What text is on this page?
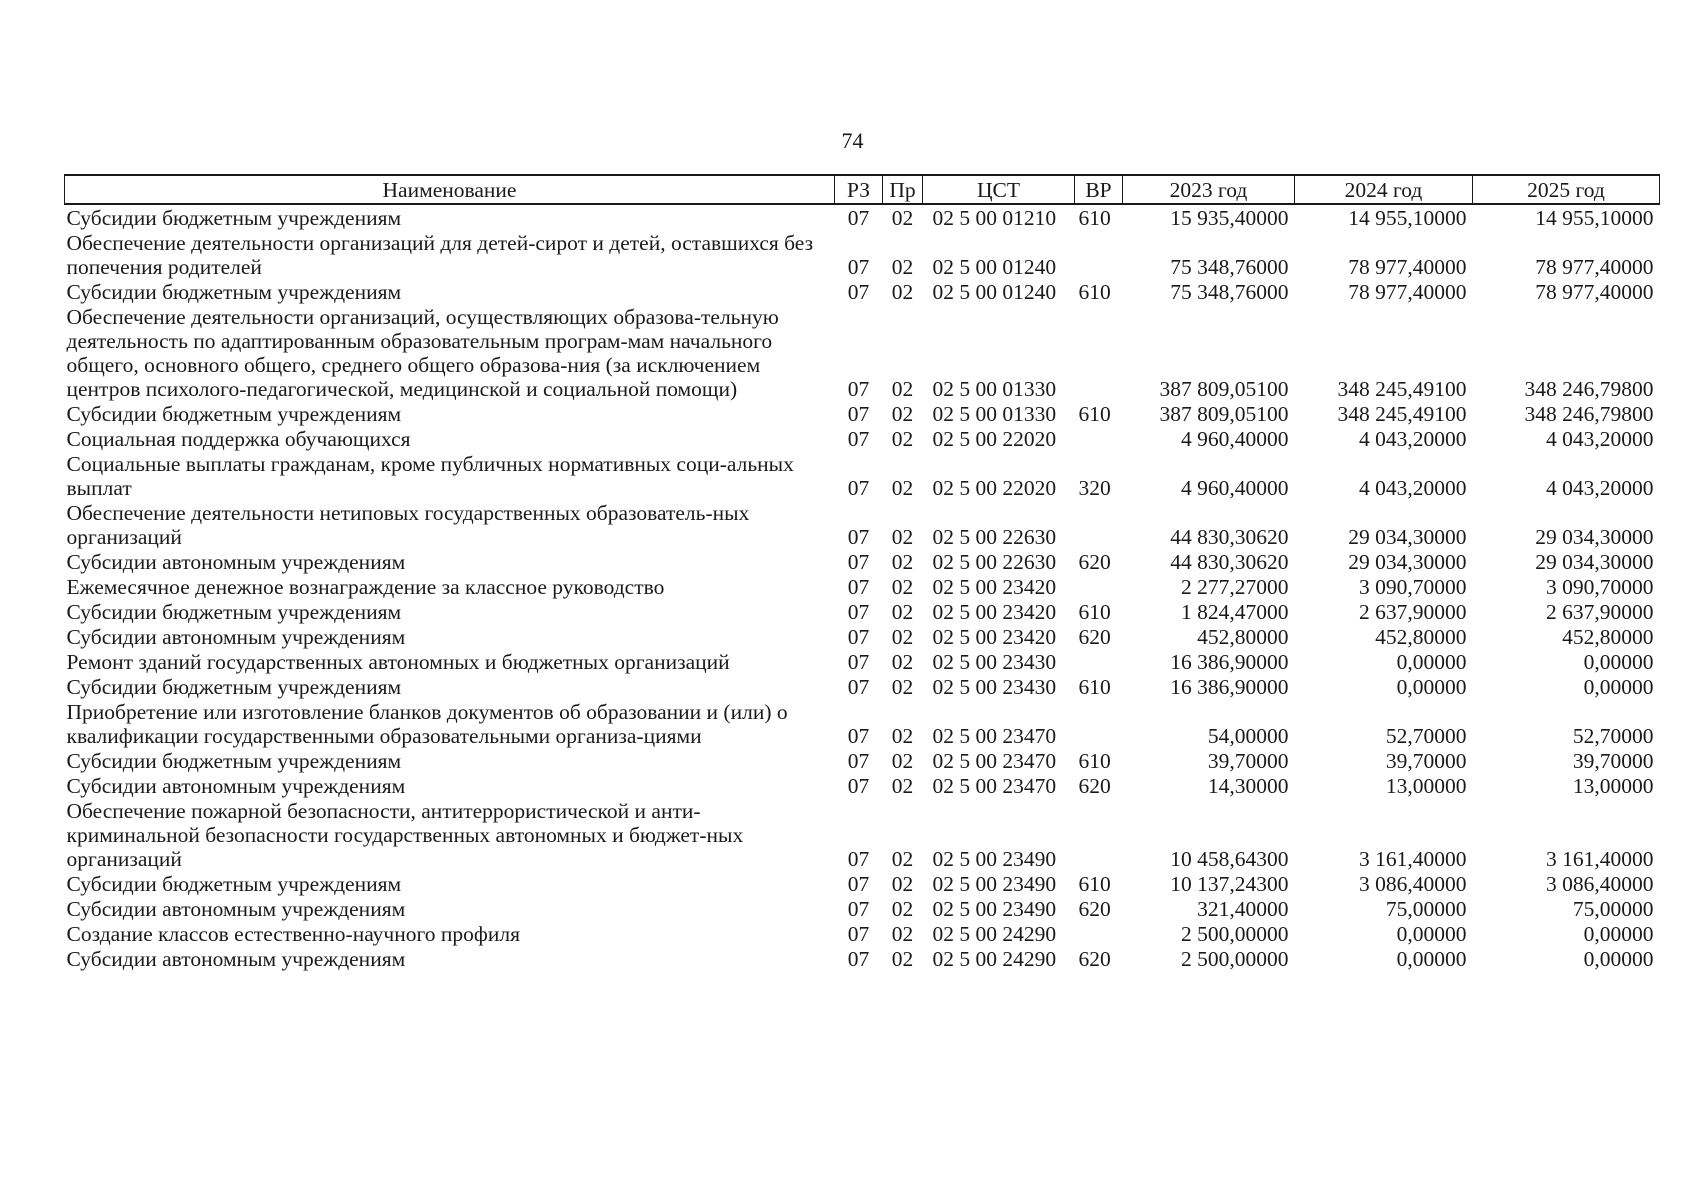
74
Наименование	РЗ	Пр	ЦСТ	ВР	2023 год	2024 год	2025 год
Субсидии бюджетным учреждениям	07	02	02 5 00 01210	610	15 935,40000	14 955,10000	14 955,10000
Обеспечение деятельности организаций для детей-сирот и детей, оставшихся без попечения родителей	07	02	02 5 00 01240		75 348,76000	78 977,40000	78 977,40000
Субсидии бюджетным учреждениям	07	02	02 5 00 01240	610	75 348,76000	78 977,40000	78 977,40000
Обеспечение деятельности организаций, осуществляющих образова-тельную деятельность по адаптированным образовательным програм-мам начального общего, основного общего, среднего общего образова-ния (за исключением центров психолого-педагогической, медицинской и социальной помощи)	07	02	02 5 00 01330		387 809,05100	348 245,49100	348 246,79800
Субсидии бюджетным учреждениям	07	02	02 5 00 01330	610	387 809,05100	348 245,49100	348 246,79800
Социальная поддержка обучающихся	07	02	02 5 00 22020		4 960,40000	4 043,20000	4 043,20000
Социальные выплаты гражданам, кроме публичных нормативных соци-альных выплат	07	02	02 5 00 22020	320	4 960,40000	4 043,20000	4 043,20000
Обеспечение деятельности нетиповых государственных образователь-ных организаций	07	02	02 5 00 22630		44 830,30620	29 034,30000	29 034,30000
Субсидии автономным учреждениям	07	02	02 5 00 22630	620	44 830,30620	29 034,30000	29 034,30000
Ежемесячное денежное вознаграждение за классное руководство	07	02	02 5 00 23420		2 277,27000	3 090,70000	3 090,70000
Субсидии бюджетным учреждениям	07	02	02 5 00 23420	610	1 824,47000	2 637,90000	2 637,90000
Субсидии автономным учреждениям	07	02	02 5 00 23420	620	452,80000	452,80000	452,80000
Ремонт зданий государственных автономных и бюджетных организаций	07	02	02 5 00 23430		16 386,90000	0,00000	0,00000
Субсидии бюджетным учреждениям	07	02	02 5 00 23430	610	16 386,90000	0,00000	0,00000
Приобретение или изготовление бланков документов об образовании и (или) о квалификации государственными образовательными организа-циями	07	02	02 5 00 23470		54,00000	52,70000	52,70000
Субсидии бюджетным учреждениям	07	02	02 5 00 23470	610	39,70000	39,70000	39,70000
Субсидии автономным учреждениям	07	02	02 5 00 23470	620	14,30000	13,00000	13,00000
Обеспечение пожарной безопасности, антитеррористической и анти-криминальной безопасности государственных автономных и бюджет-ных организаций	07	02	02 5 00 23490		10 458,64300	3 161,40000	3 161,40000
Субсидии бюджетным учреждениям	07	02	02 5 00 23490	610	10 137,24300	3 086,40000	3 086,40000
Субсидии автономным учреждениям	07	02	02 5 00 23490	620	321,40000	75,00000	75,00000
Создание классов естественно-научного профиля	07	02	02 5 00 24290		2 500,00000	0,00000	0,00000
Субсидии автономным учреждениям	07	02	02 5 00 24290	620	2 500,00000	0,00000	0,00000
